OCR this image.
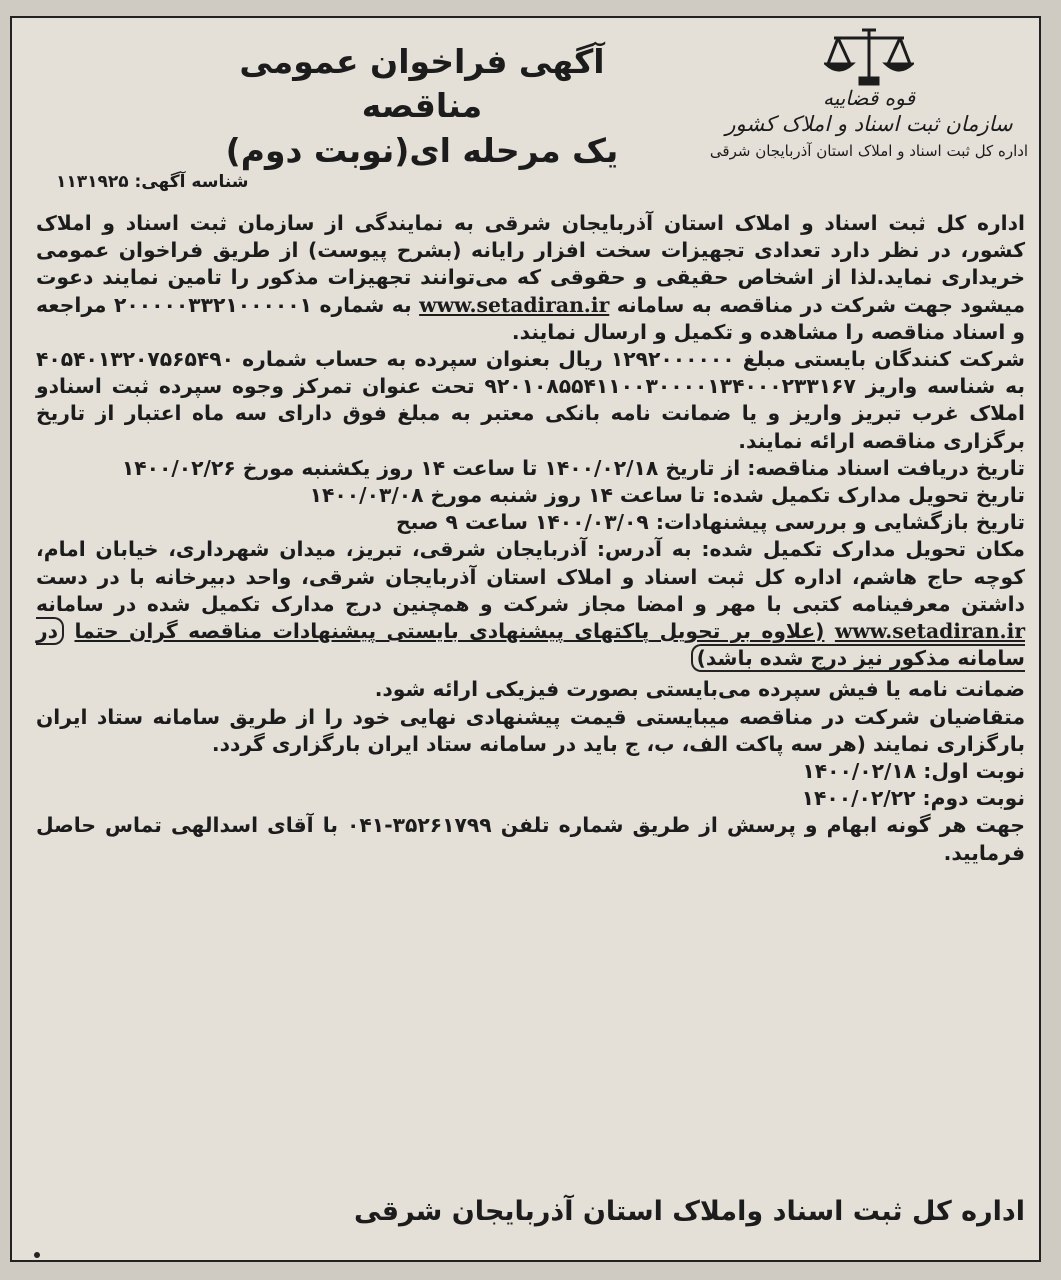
قوه قضاییه
سازمان ثبت اسناد و املاک کشور
اداره کل ثبت اسناد و املاک استان آذربایجان شرقی
آگهی فراخوان عمومی مناقصه
یک مرحله ای(نوبت دوم)
شناسه آگهی: ۱۱۳۱۹۲۵

اداره کل ثبت اسناد و املاک استان آذربایجان شرقی به نمایندگی از سازمان ثبت اسناد و املاک کشور، در نظر دارد تعدادی تجهیزات سخت افزار رایانه (بشرح پیوست) از طریق فراخوان عمومی خریداری نماید.لذا از اشخاص حقیقی و حقوقی که می‌توانند تجهیزات مذکور را تامین نمایند دعوت میشود جهت شرکت در مناقصه به سامانه www.setadiran.ir به شماره ۲۰۰۰۰۰۳۳۲۱۰۰۰۰۰۱ مراجعه و اسناد مناقصه را مشاهده و تکمیل و ارسال نمایند.

شرکت کنندگان بایستی مبلغ ۱۲۹۲۰۰۰۰۰۰ ریال بعنوان سپرده به حساب شماره ۴۰۵۴۰۱۳۲۰۷۵۶۵۴۹۰ به شناسه واریز ۹۲۰۱۰۸۵۵۴۱۱۰۰۳۰۰۰۰۱۳۴۰۰۰۲۳۳۱۶۷ تحت عنوان تمرکز وجوه سپرده ثبت اسنادو املاک غرب تبریز واریز و یا ضمانت نامه بانکی معتبر به مبلغ فوق دارای سه ماه اعتبار از تاریخ برگزاری مناقصه ارائه نمایند.

تاریخ دریافت اسناد مناقصه: از تاریخ ۱۴۰۰/۰۲/۱۸ تا ساعت ۱۴ روز یکشنبه مورخ ۱۴۰۰/۰۲/۲۶

تاریخ تحویل مدارک تکمیل شده: تا ساعت ۱۴ روز شنبه مورخ ۱۴۰۰/۰۳/۰۸

تاریخ بازگشایی و بررسی پیشنهادات: ۱۴۰۰/۰۳/۰۹ ساعت ۹ صبح

مکان تحویل مدارک تکمیل شده: به آدرس: آذربایجان شرقی، تبریز، میدان شهرداری، خیابان امام، کوچه حاج هاشم، اداره کل ثبت اسناد و املاک استان آذربایجان شرقی، واحد دبیرخانه با در دست داشتن معرفینامه کتبی با مهر و امضا مجاز شرکت و همچنین درج مدارک تکمیل شده در سامانه www.setadiran.ir (علاوه بر تحویل پاکتهای پیشنهادی بایستی پیشنهادات مناقصه گران حتما در سامانه مذکور نیز درج شده باشد)

ضمانت نامه یا فیش سپرده می‌بایستی بصورت فیزیکی ارائه شود.

متقاضیان شرکت در مناقصه میبایستی قیمت پیشنهادی نهایی خود را از طریق سامانه ستاد ایران بارگزاری نمایند (هر سه پاکت الف، ب، ج باید در سامانه ستاد ایران بارگزاری گردد.

نوبت اول: ۱۴۰۰/۰۲/۱۸

نوبت دوم: ۱۴۰۰/۰۲/۲۲

جهت هر گونه ابهام و پرسش از طریق شماره تلفن ۳۵۲۶۱۷۹۹-۰۴۱ با آقای اسدالهی تماس حاصل فرمایید.

اداره کل ثبت اسناد واملاک استان آذربایجان شرقی
